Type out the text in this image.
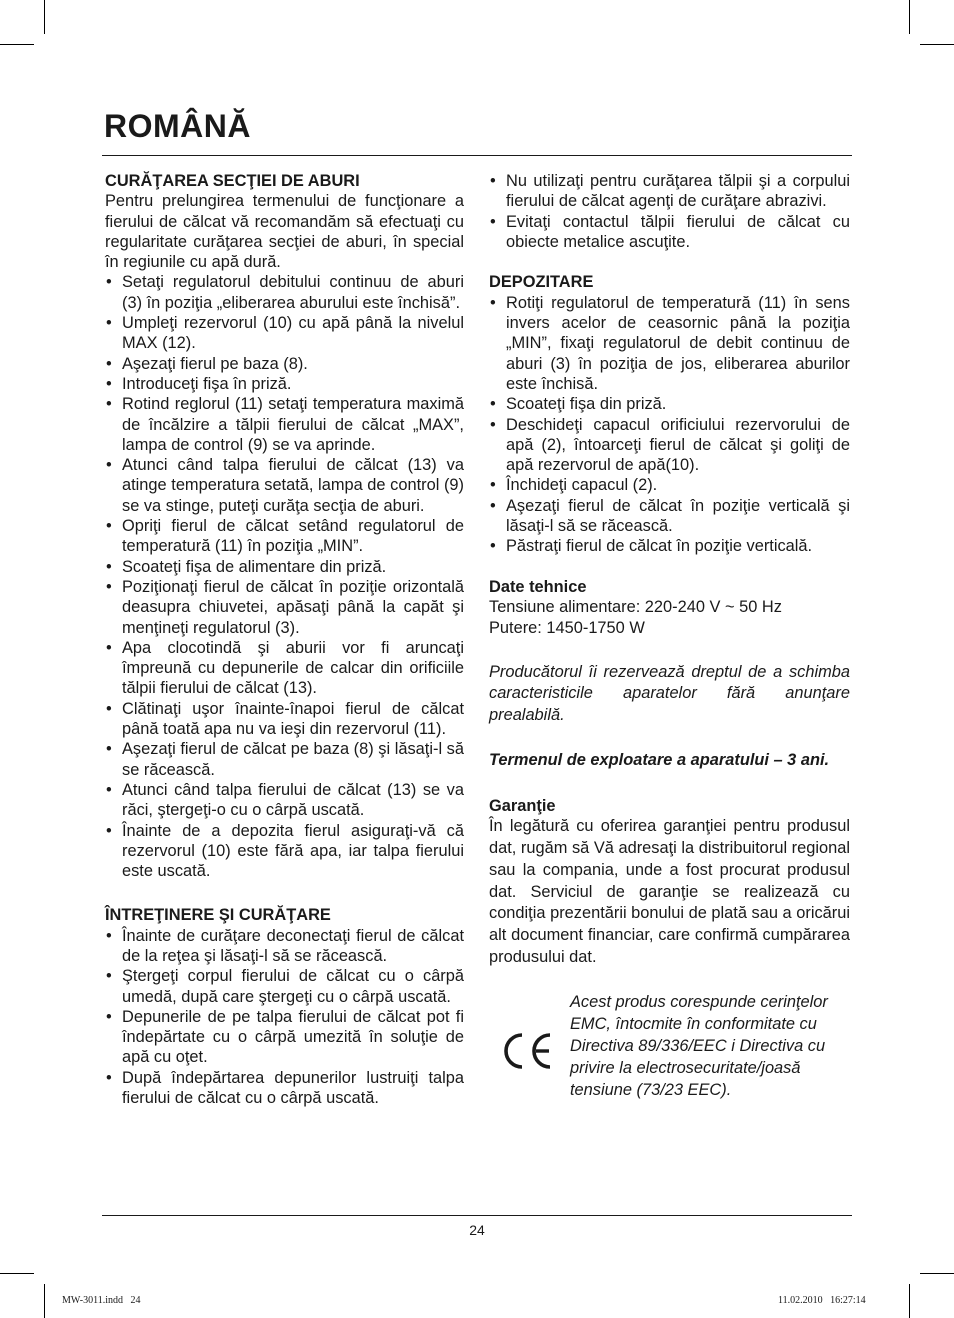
ROMÂNĂ
CURĂŢAREA SECŢIEI DE ABURI

Pentru prelungirea termenului de funcţionare a fierului de călcat vă recomandăm să efectuaţi cu regularitate curăţarea secţiei de aburi, în special în regiunile cu apă dură.

• Setaţi regulatorul debitului continuu de aburi (3) în poziţia „eliberarea aburului este închisă”.
• Umpleţi rezervorul (10) cu apă până la nivelul MAX (12).
• Aşezaţi fierul pe baza (8).
• Introduceţi fişa în priză.
• Rotind reglorul (11) setaţi temperatura maximă de încălzire a tălpii fierului de călcat „MAX”, lampa de control (9) se va aprinde.
• Atunci când talpa fierului de călcat (13) va atinge temperatura setată, lampa de control (9) se va stinge, puteţi curăţa secţia de aburi.
• Opriţi fierul de călcat setând regulatorul de temperatură (11) în poziţia „MIN”.
• Scoateţi fişa de alimentare din priză.
• Poziţionaţi fierul de călcat în poziţie orizontală deasupra chiuvetei, apăsaţi până la capăt şi menţineţi regulatorul (3).
• Apa clocotindă şi aburii vor fi aruncaţi împreună cu depunerile de calcar din orificiile tălpii fierului de călcat (13).
• Clătinaţi uşor înainte-înapoi fierul de călcat până toată apa nu va ieşi din rezervorul (11).
• Aşezaţi fierul de călcat pe baza (8) şi lăsaţi-l să se răcească.
• Atunci când talpa fierului de călcat (13) se va răci, ştergeţi-o cu o cârpă uscată.
• Înainte de a depozita fierul asiguraţi-vă că rezervorul (10) este fără apa, iar talpa fierului este uscată.
ÎNTREŢINERE ŞI CURĂŢARE
• Înainte de curăţare deconectaţi fierul de călcat de la reţea şi lăsaţi-l să se răcească.
• Ştergeţi corpul fierului de călcat cu o cârpă umedă, după care ştergeţi cu o cârpă uscată.
• Depunerile de pe talpa fierului de călcat pot fi îndepărtate cu o cârpă umezită în soluţie de apă cu oţet.
• După îndepărtarea depunerilor lustruiţi talpa fierului de călcat cu o cârpă uscată.
• Nu utilizaţi pentru curăţarea tălpii şi a corpului fierului de călcat agenţi de curăţare abrazivi.
• Evitaţi contactul tălpii fierului de călcat cu obiecte metalice ascuţite.
DEPOZITARE
• Rotiţi regulatorul de temperatură (11) în sens invers acelor de ceasornic până la poziţia „MIN”, fixaţi regulatorul de debit continuu de aburi (3) în poziţia de jos, eliberarea aburilor este închisă.
• Scoateţi fişa din priză.
• Deschideţi capacul orificiului rezervorului de apă (2), întoarceţi fierul de călcat şi goliţi de apă rezervorul de apă(10).
• Închideţi capacul (2).
• Aşezaţi fierul de călcat în poziţie verticală şi lăsaţi-l să se răcească.
• Păstraţi fierul de călcat în poziţie verticală.
Date tehnice

Tensiune alimentare: 220-240 V ~ 50 Hz

Putere: 1450-1750 W

Producătorul îi rezervează dreptul de a schimba caracteristicile aparatelor fără anunţare prealabilă.

Termenul de exploatare a aparatului – 3 ani.

Garanţie

În legătură cu oferirea garanţiei pentru produsul dat, rugăm să Vă adresaţi la distribuitorul regional sau la compania, unde a fost procurat produsul dat. Serviciul de garanţie se realizează cu condiţia prezentării bonului de plată sau a oricărui alt document financiar, care confirmă cumpărarea produsului dat.

Acest produs corespunde cerinţelor EMC, întocmite în conformitate cu Directiva 89/336/EEC i Directiva cu privire la electrosecuritate/joasă tensiune (73/23 EEC).

24
MW-3011.indd   24	11.02.2010   16:27:14
